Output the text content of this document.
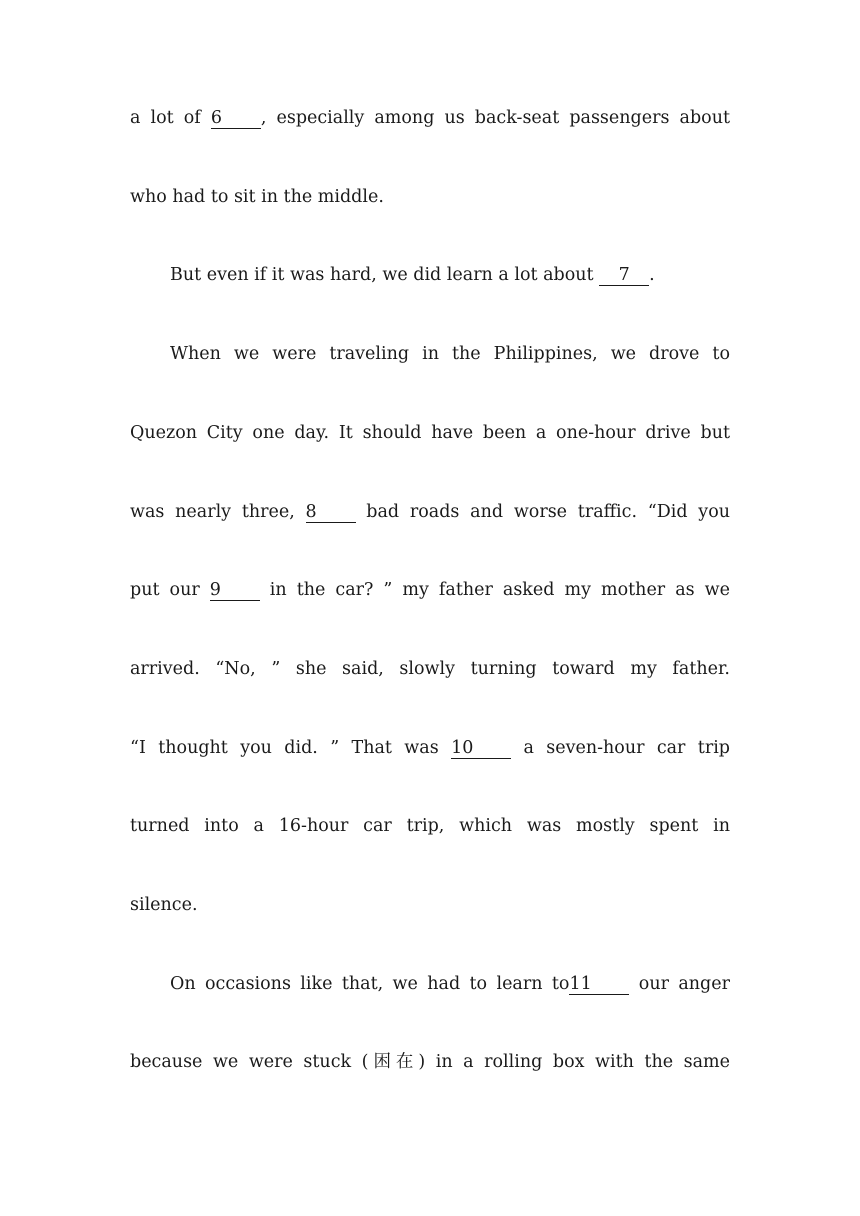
a lot of 6 , especially among us back-seat passengers about
who had to sit in the middle.
But even if it was hard, we did learn a lot about 7 .
When we were traveling in the Philippines, we drove to
Quezon City one day. It should have been a one-hour drive but
was nearly three, 8 bad roads and worse traffic. “Did you
put our 9 in the car? ” my father asked my mother as we
arrived. “No, ” she said, slowly turning toward my father.
“I thought you did. ” That was 10 a seven-hour car trip
turned into a 16-hour car trip, which was mostly spent in
silence.
On occasions like that, we had to learn to11 our anger
because we were stuck (困在) in a rolling box with the same
